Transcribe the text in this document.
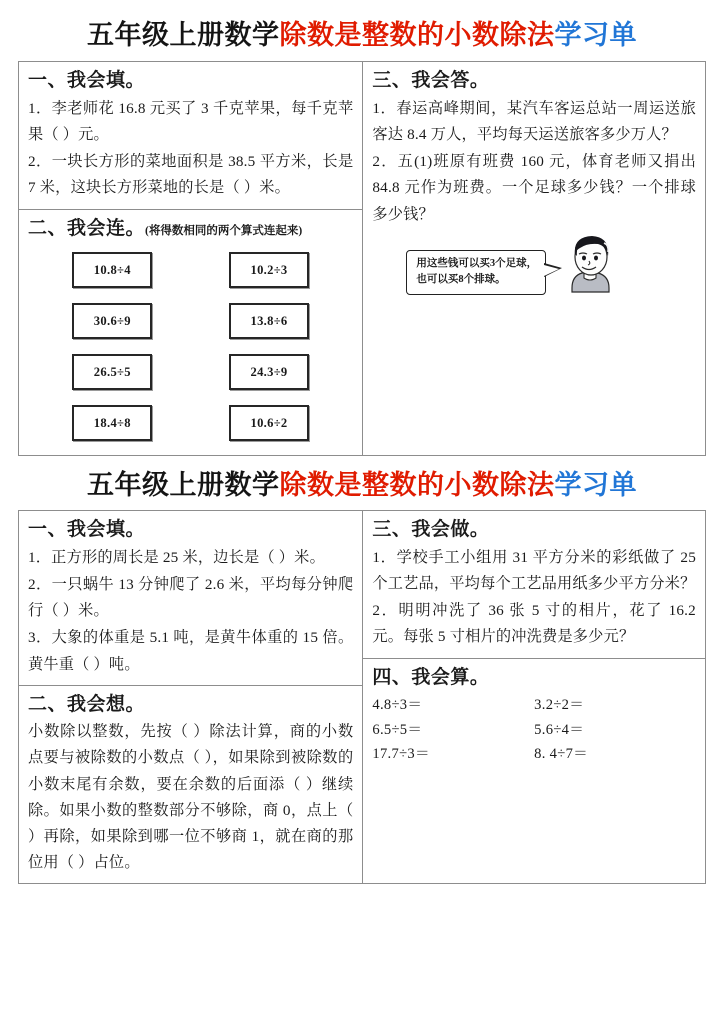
五年级上册数学除数是整数的小数除法学习单
一、我会填。

1．李老师花 16.8 元买了 3 千克苹果，每千克苹果（ ）元。

2．一块长方形的菜地面积是 38.5 平方米，长是 7 米，这块长方形菜地的长是（ ）米。

二、我会连。(将得数相同的两个算式连起来)
10.8÷4	10.2÷3
30.6÷9	13.8÷6
26.5÷5	24.3÷9
18.4÷8	10.6÷2
三、我会答。

1．春运高峰期间，某汽车客运总站一周运送旅客达 8.4 万人，平均每天运送旅客多少万人？

2．五(1)班原有班费 160 元，体育老师又捐出 84.8 元作为班费。一个足球多少钱？一个排球多少钱？

用这些钱可以买3个足球，
也可以买8个排球。
五年级上册数学除数是整数的小数除法学习单
一、我会填。

1．正方形的周长是 25 米，边长是（ ）米。

2．一只蜗牛 13 分钟爬了 2.6 米，平均每分钟爬行（ ）米。

3．大象的体重是 5.1 吨，是黄牛体重的 15 倍。黄牛重（ ）吨。

二、我会想。

小数除以整数，先按（ ）除法计算，商的小数点要与被除数的小数点（ ），如果除到被除数的小数末尾有余数，要在余数的后面添（ ）继续除。如果小数的整数部分不够除，商 0，点上（ ）再除，如果除到哪一位不够商 1，就在商的那位用（ ）占位。

三、我会做。

1．学校手工小组用 31 平方分米的彩纸做了 25 个工艺品，平均每个工艺品用纸多少平方分米？

2．明明冲洗了 36 张 5 寸的相片，花了 16.2 元。每张 5 寸相片的冲洗费是多少元？

四、我会算。
4.8÷3＝	3.2÷2＝
6.5÷5＝	5.6÷4＝
17.7÷3＝	8. 4÷7＝
